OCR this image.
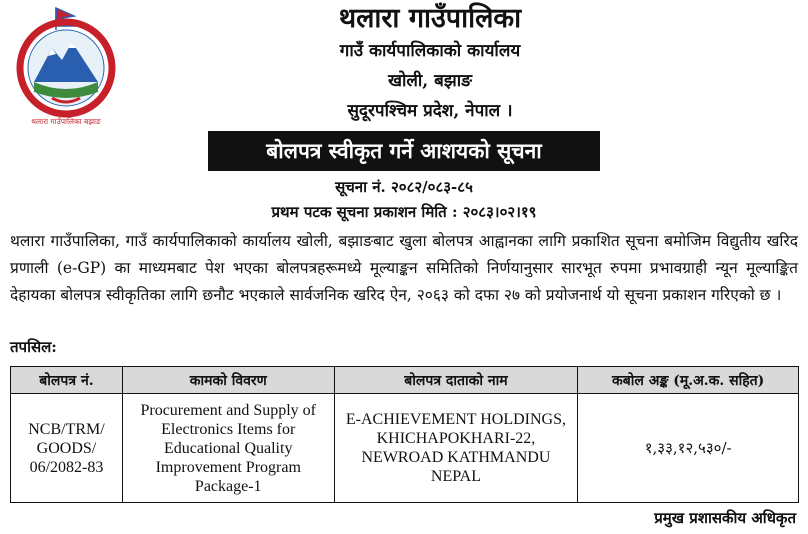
थलारा गाउँपालिका बझाङ
थलारा गाउँपालिका
गाउँ कार्यपालिकाको कार्यालय
खोली, बझाङ
सुदूरपश्चिम प्रदेश, नेपाल ।
बोलपत्र स्वीकृत गर्ने आशयको सूचना
सूचना नं. २०८२/०८३-८५
प्रथम पटक सूचना प्रकाशन मिति : २०८३।०२।१९
थलारा गाउँपालिका, गाउँ कार्यपालिकाको कार्यालय खोली, बझाङबाट खुला बोलपत्र आह्वानका लागि प्रकाशित सूचना बमोजिम विद्युतीय खरिद प्रणाली (e-GP) का माध्यमबाट पेश भएका बोलपत्रहरूमध्ये मूल्याङ्कन समितिको निर्णयानुसार सारभूत रुपमा प्रभावग्राही न्यून मूल्याङ्कित देहायका बोलपत्र स्वीकृतिका लागि छनौट भएकाले सार्वजनिक खरिद ऐन, २०६३ को दफा २७ को प्रयोजनार्थ यो सूचना प्रकाशन गरिएको छ ।
तपसिल:
बोलपत्र नं.	कामको विवरण	बोलपत्र दाताको नाम	कबोल अङ्क (मू.अ.क. सहित)
NCB/TRM/ GOODS/ 06/2082-83	Procurement and Supply of Electronics Items for Educational Quality Improvement Program Package-1	E-ACHIEVEMENT HOLDINGS, KHICHAPOKHARI-22, NEWROAD KATHMANDU NEPAL	१,३३,१२,५३०/-
प्रमुख प्रशासकीय अधिकृत
